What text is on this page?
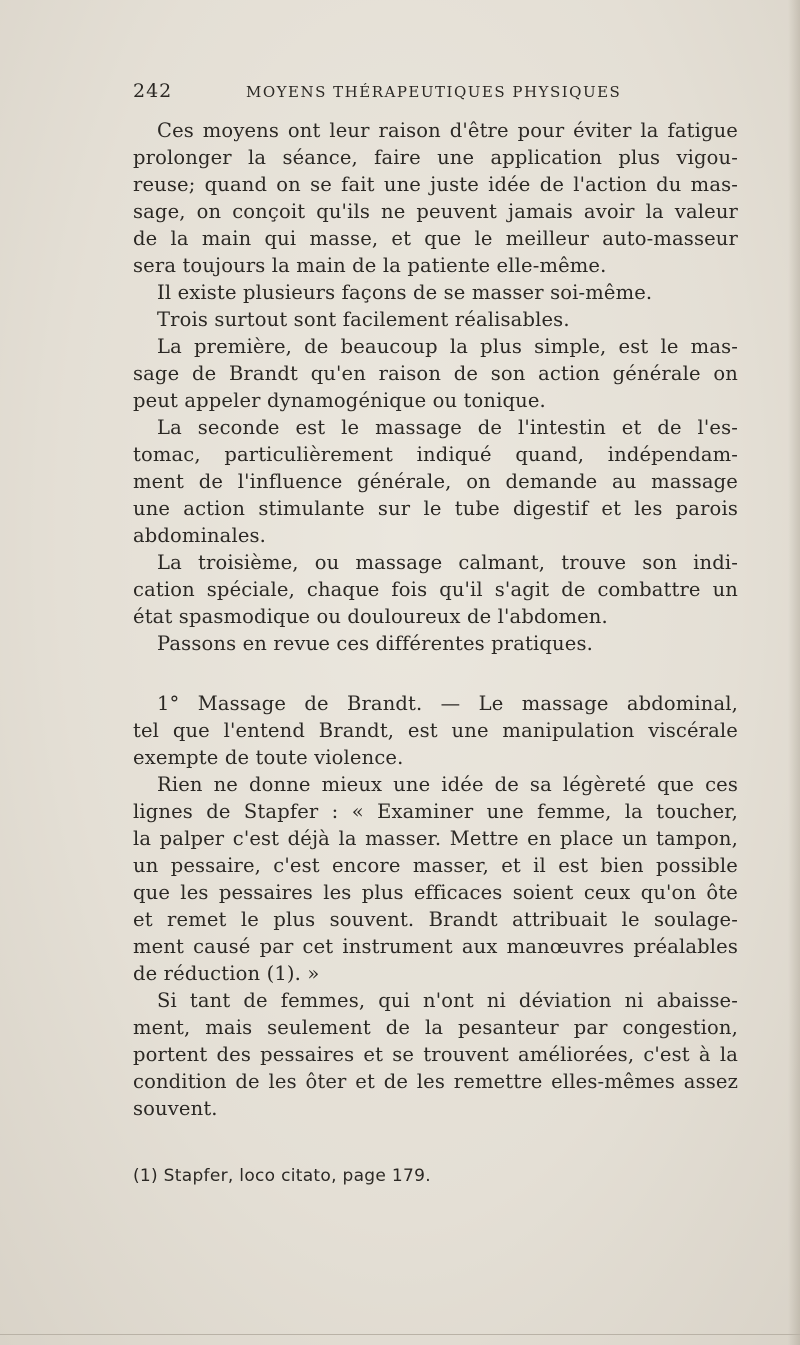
242	MOYENS THÉRAPEUTIQUES PHYSIQUES
Ces moyens ont leur raison d'être pour éviter la fatigue
prolonger la séance, faire une application plus vigou-
reuse; quand on se fait une juste idée de l'action du mas-
sage, on conçoit qu'ils ne peuvent jamais avoir la valeur
de la main qui masse, et que le meilleur auto-masseur
sera toujours la main de la patiente elle-même.
Il existe plusieurs façons de se masser soi-même.
Trois surtout sont facilement réalisables.
La première, de beaucoup la plus simple, est le mas-
sage de Brandt qu'en raison de son action générale on
peut appeler dynamogénique ou tonique.
La seconde est le massage de l'intestin et de l'es-
tomac, particulièrement indiqué quand, indépendam-
ment de l'influence générale, on demande au massage
une action stimulante sur le tube digestif et les parois
abdominales.
La troisième, ou massage calmant, trouve son indi-
cation spéciale, chaque fois qu'il s'agit de combattre un
état spasmodique ou douloureux de l'abdomen.
Passons en revue ces différentes pratiques.
1° Massage de Brandt. — Le massage abdominal,
tel que l'entend Brandt, est une manipulation viscérale
exempte de toute violence.
Rien ne donne mieux une idée de sa légèreté que ces
lignes de Stapfer : « Examiner une femme, la toucher,
la palper c'est déjà la masser. Mettre en place un tampon,
un pessaire, c'est encore masser, et il est bien possible
que les pessaires les plus efficaces soient ceux qu'on ôte
et remet le plus souvent. Brandt attribuait le soulage-
ment causé par cet instrument aux manœuvres préalables
de réduction (1). »
Si tant de femmes, qui n'ont ni déviation ni abaisse-
ment, mais seulement de la pesanteur par congestion,
portent des pessaires et se trouvent améliorées, c'est à la
condition de les ôter et de les remettre elles-mêmes assez
souvent.
(1) Stapfer, loco citato, page 179.
